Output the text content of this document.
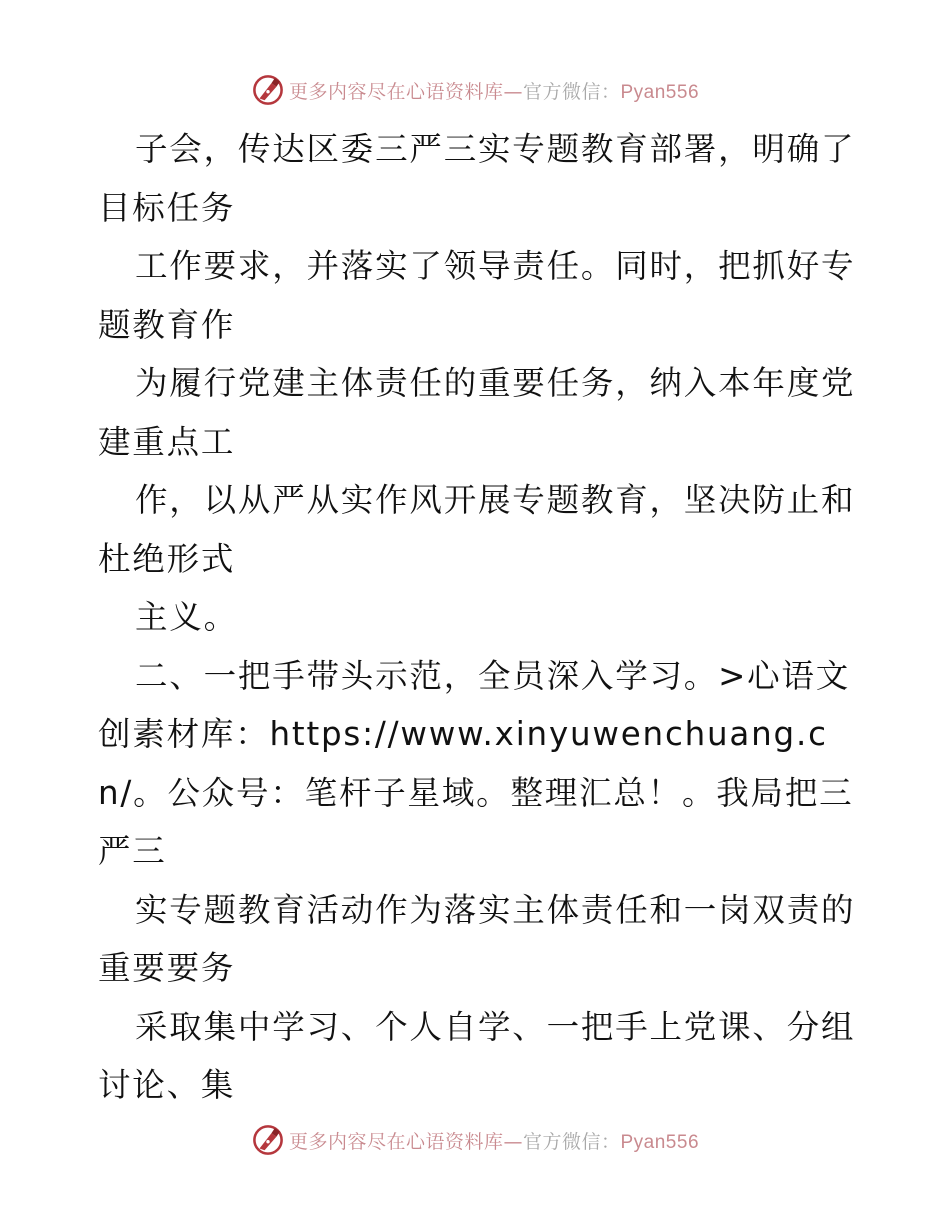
更多内容尽在心语资料库 — 官方微信： Pyan556

子会，传达区委三严三实专题教育部署，明确了目标任务

工作要求，并落实了领导责任。同时，把抓好专题教育作

为履行党建主体责任的重要任务，纳入本年度党建重点工

作，以从严从实作风开展专题教育，坚决防止和杜绝形式

主义。

二、一把手带头示范，全员深入学习。>心语文创素材库：https://www.xinyuwenchuang.cn/。公众号：笔杆子星域。整理汇总！。我局把三严三

实专题教育活动作为落实主体责任和一岗双责的重要要务

采取集中学习、个人自学、一把手上党课、分组讨论、集

更多内容尽在心语资料库 — 官方微信： Pyan556
